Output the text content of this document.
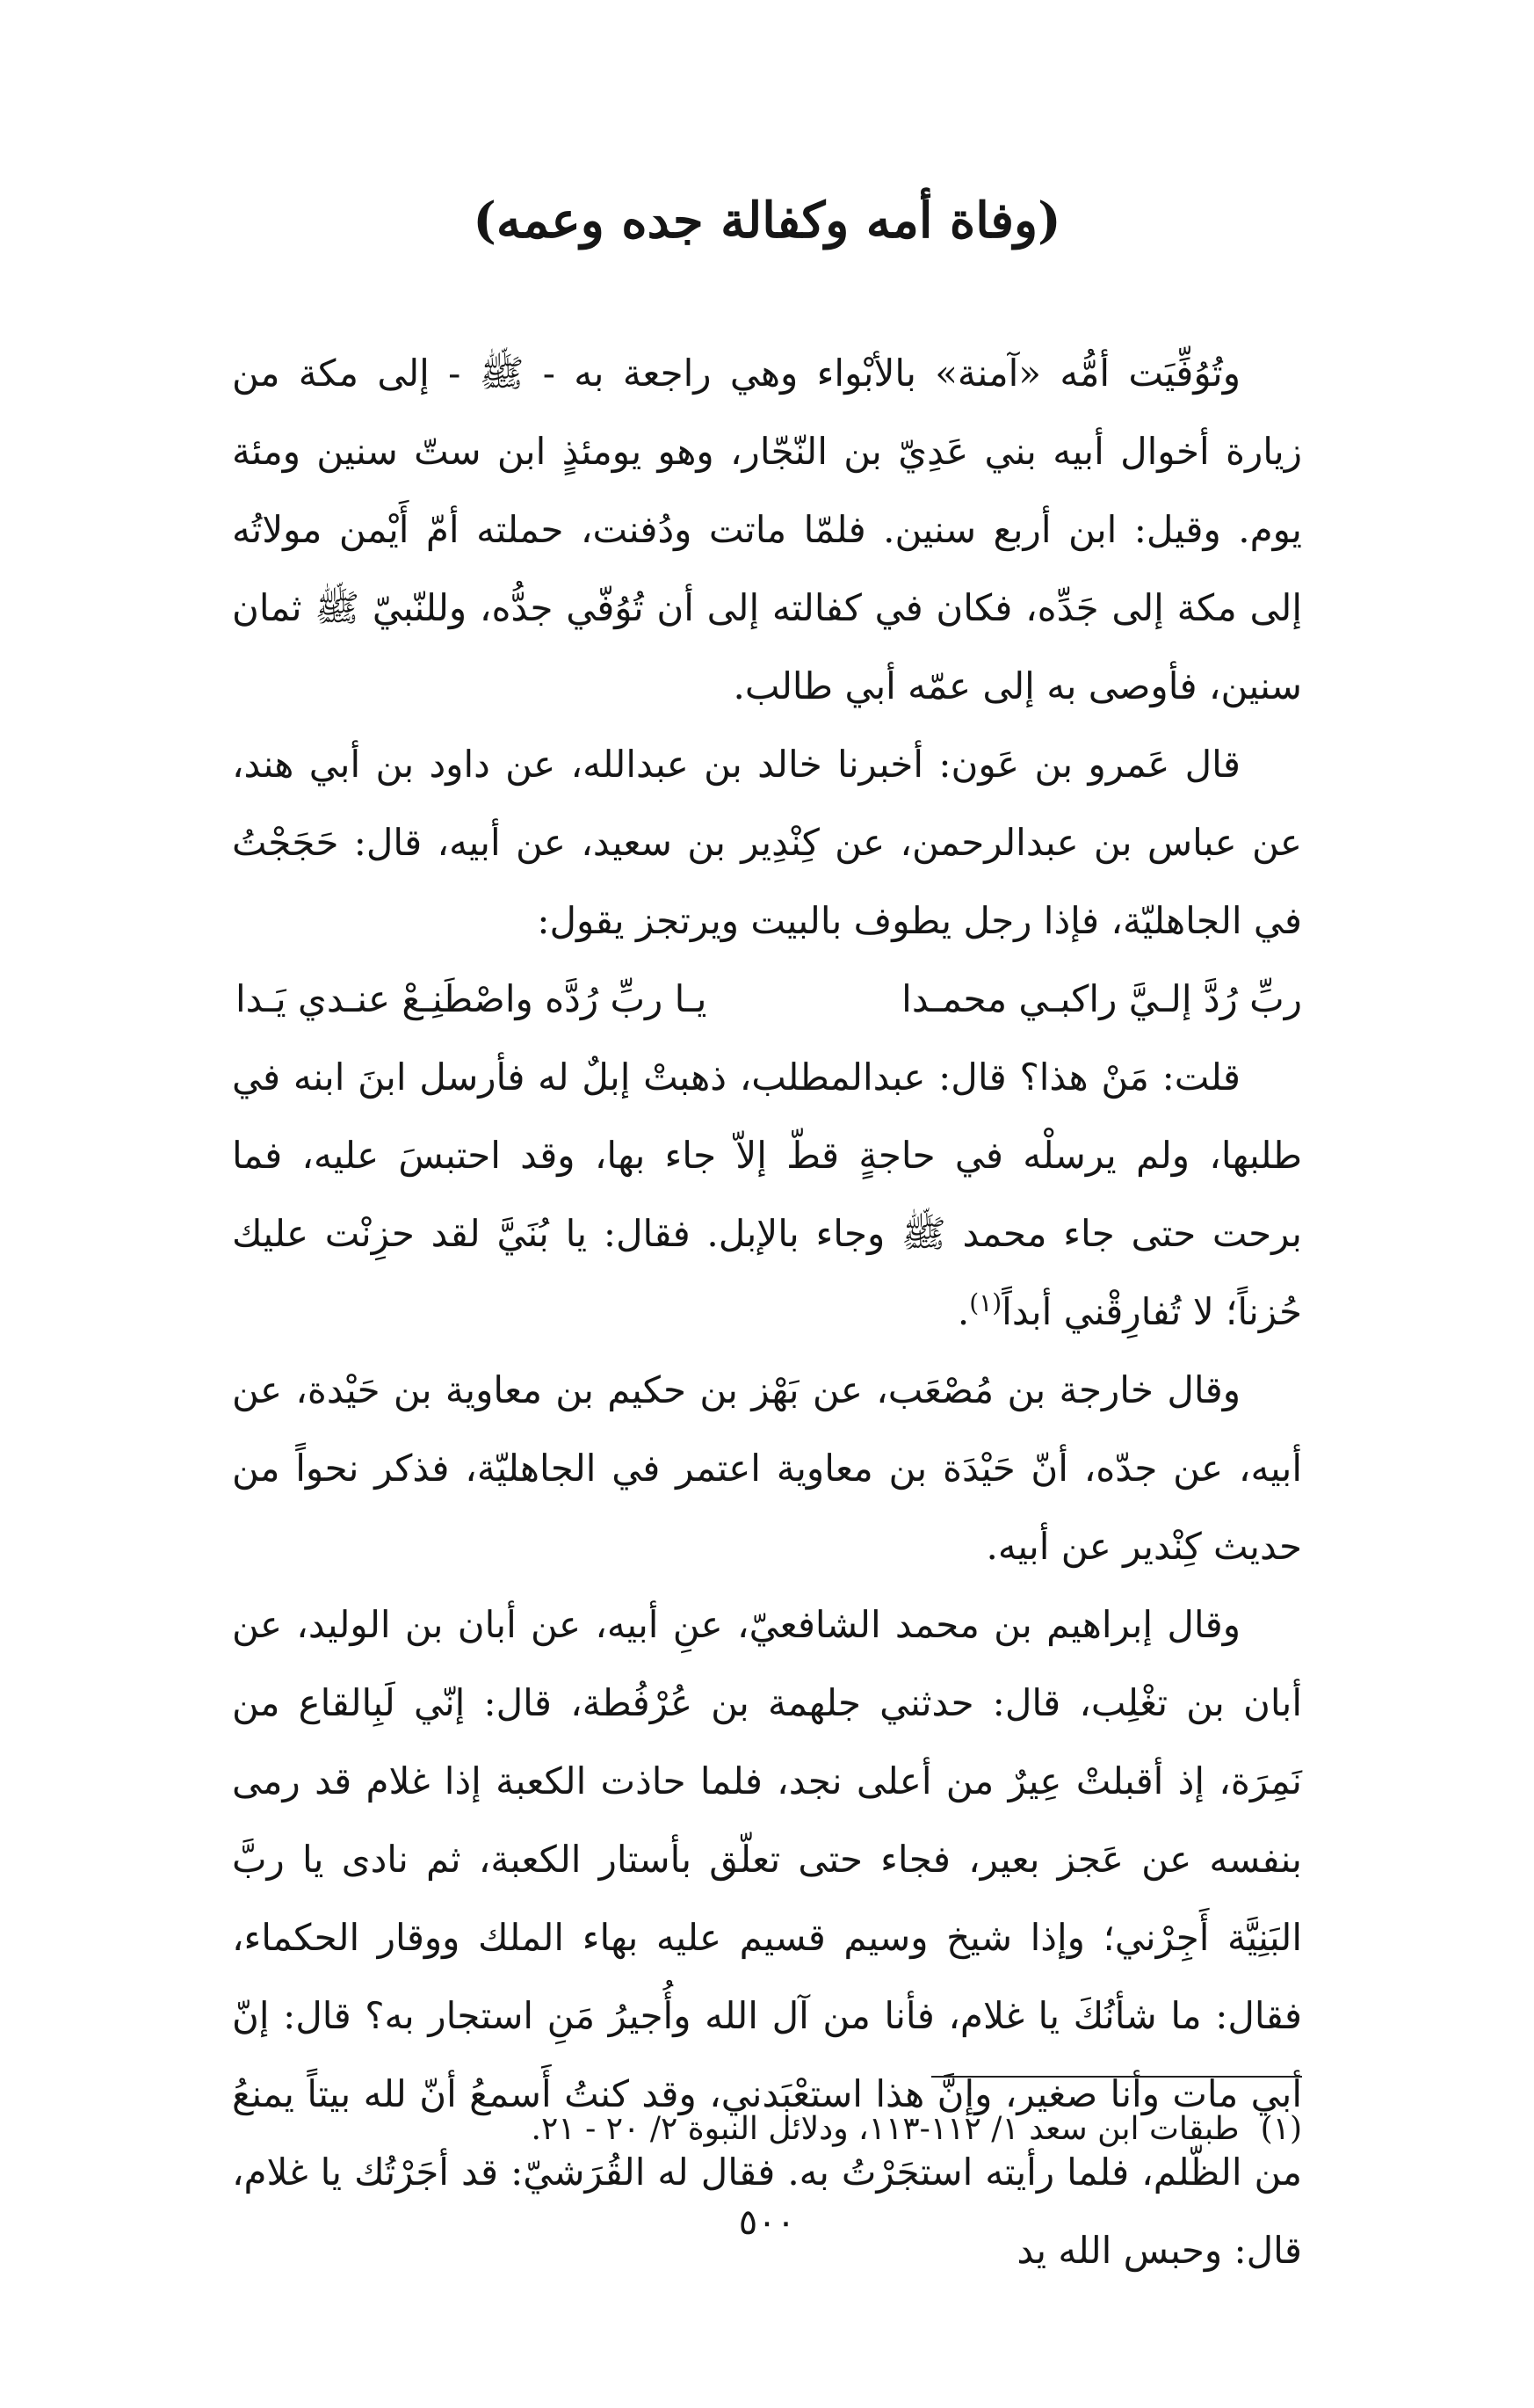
(وفاة أمه وكفالة جده وعمه)

وتُوُفِّيَت أمُّه «آمنة» بالأبْواء وهي راجعة به - ﷺ - إلى مكة من زيارة أخوال أبيه بني عَدِيّ بن النّجّار، وهو يومئذٍ ابن ستّ سنين ومئة يوم. وقيل: ابن أربع سنين. فلمّا ماتت ودُفنت، حملته أمّ أَيْمن مولاتُه إلى مكة إلى جَدِّه، فكان في كفالته إلى أن تُوُفّي جدُّه، وللنّبيّ ﷺ ثمان سنين، فأوصى به إلى عمّه أبي طالب.

قال عَمرو بن عَون: أخبرنا خالد بن عبدالله، عن داود بن أبي هند، عن عباس بن عبدالرحمن، عن كِنْدِير بن سعيد، عن أبيه، قال: حَجَجْتُ في الجاهليّة، فإذا رجل يطوف بالبيت ويرتجز يقول:

ربِّ رُدَّ إلـيَّ راكبـي محمـدا
يـا ربِّ رُدَّه واصْطَنِـعْ عنـدي يَـدا

قلت: مَنْ هذا؟ قال: عبدالمطلب، ذهبتْ إبلٌ له فأرسل ابنَ ابنه في طلبها، ولم يرسلْه في حاجةٍ قطّ إلاّ جاء بها، وقد احتبسَ عليه، فما برحت حتى جاء محمد ﷺ وجاء بالإبل. فقال: يا بُنَيَّ لقد حزِنْت عليك حُزناً؛ لا تُفارِقْني أبداً$^{(١)}$.

وقال خارجة بن مُصْعَب، عن بَهْز بن حكيم بن معاوية بن حَيْدة، عن أبيه، عن جدّه، أنّ حَيْدَة بن معاوية اعتمر في الجاهليّة، فذكر نحواً من حديث كِنْدير عن أبيه.

وقال إبراهيم بن محمد الشافعيّ، عنِ أبيه، عن أبان بن الوليد، عن أبان بن تغْلِب، قال: حدثني جلهمة بن عُرْفُطة، قال: إنّي لَبِالقاع من نَمِرَة، إذ أقبلتْ عِيرٌ من أعلى نجد، فلما حاذت الكعبة إذا غلام قد رمى بنفسه عن عَجز بعير، فجاء حتى تعلّق بأستار الكعبة، ثم نادى يا ربَّ البَنِيَّة أَجِرْني؛ وإذا شيخ وسيم قسيم عليه بهاء الملك ووقار الحكماء، فقال: ما شأنُكَ يا غلام، فأنا من آل الله وأُجيرُ مَنِ استجار به؟ قال: إنّ أبي مات وأنا صغير، وإنَّ هذا استعْبَدني، وقد كنتُ أَسمعُ أنّ لله بيتاً يمنعُ من الظّلم، فلما رأيته استجَرْتُ به. فقال له القُرَشيّ: قد أجَرْتُك يا غلام، قال: وحبس الله يد

(١)طبقات ابن سعد ١/ ١١٢-١١٣، ودلائل النبوة ٢/ ٢٠ - ٢١.

٥٠٠
